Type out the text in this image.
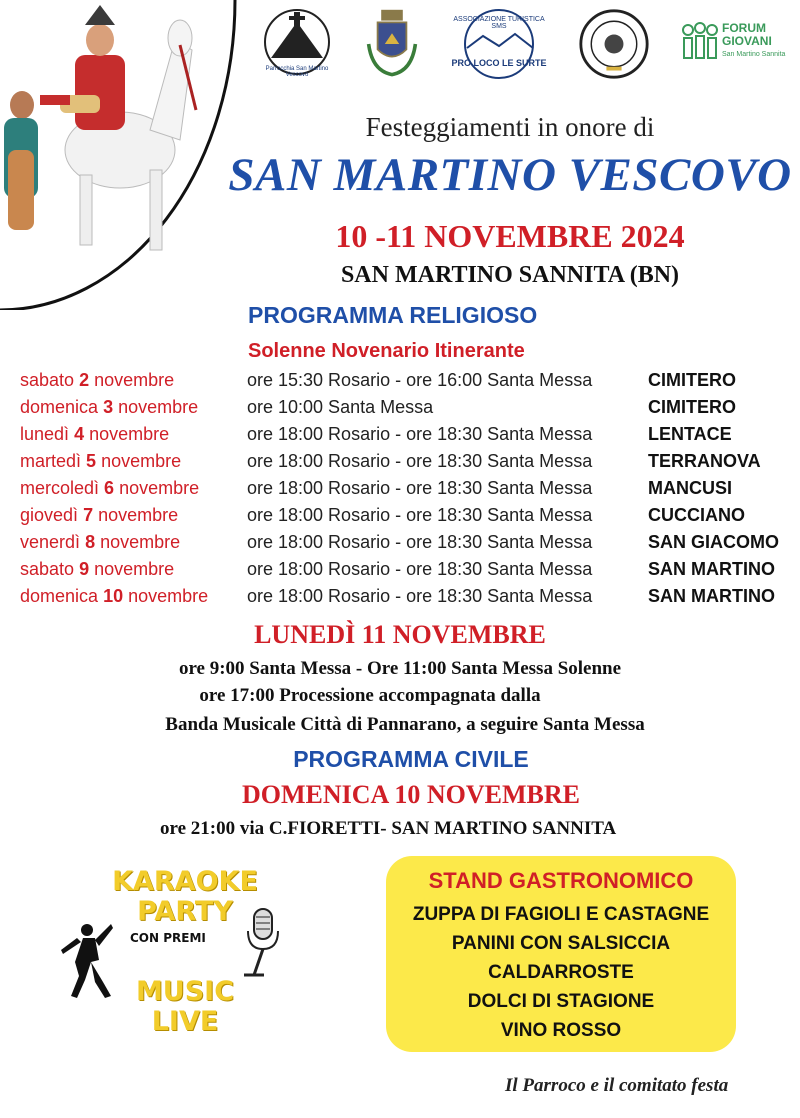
Parrocchia San Martino Vescovo
ASSOCIAZIONE TURISTICA SMS
PRO LOCO LE SURTE
FORUM
GIOVANI
San Martino Sannita
Festeggiamenti in onore di
SAN MARTINO VESCOVO
10 -11 NOVEMBRE 2024
SAN MARTINO SANNITA (BN)
PROGRAMMA RELIGIOSO
Solenne Novenario Itinerante
sabato 2 novembre	ore 15:30 Rosario - ore 16:00 Santa Messa	CIMITERO
domenica 3 novembre	ore 10:00 Santa Messa	CIMITERO
lunedì 4 novembre	ore 18:00 Rosario - ore 18:30 Santa Messa	LENTACE
martedì 5 novembre	ore 18:00 Rosario - ore 18:30 Santa Messa	TERRANOVA
mercoledì 6 novembre	ore 18:00 Rosario - ore 18:30 Santa Messa	MANCUSI
giovedì 7 novembre	ore 18:00 Rosario - ore 18:30 Santa Messa	CUCCIANO
venerdì 8 novembre	ore 18:00 Rosario - ore 18:30 Santa Messa	SAN GIACOMO
sabato 9 novembre	ore 18:00 Rosario - ore 18:30 Santa Messa	SAN MARTINO
domenica 10 novembre ore 18:00 Rosario - ore 18:30 Santa Messa	SAN MARTINO
LUNEDÌ 11 NOVEMBRE
ore 9:00 Santa Messa - Ore 11:00 Santa Messa Solenne
ore 17:00 Processione accompagnata dalla
Banda Musicale Città di Pannarano, a seguire Santa Messa
PROGRAMMA CIVILE
DOMENICA 10 NOVEMBRE
ore 21:00 via C.FIORETTI- SAN MARTINO SANNITA
KARAOKE
PARTY
CON PREMI
MUSIC
LIVE
STAND GASTRONOMICO
ZUPPA DI FAGIOLI E CASTAGNE
PANINI CON SALSICCIA
CALDARROSTE
DOLCI DI STAGIONE
VINO ROSSO
Il Parroco e il comitato festa
